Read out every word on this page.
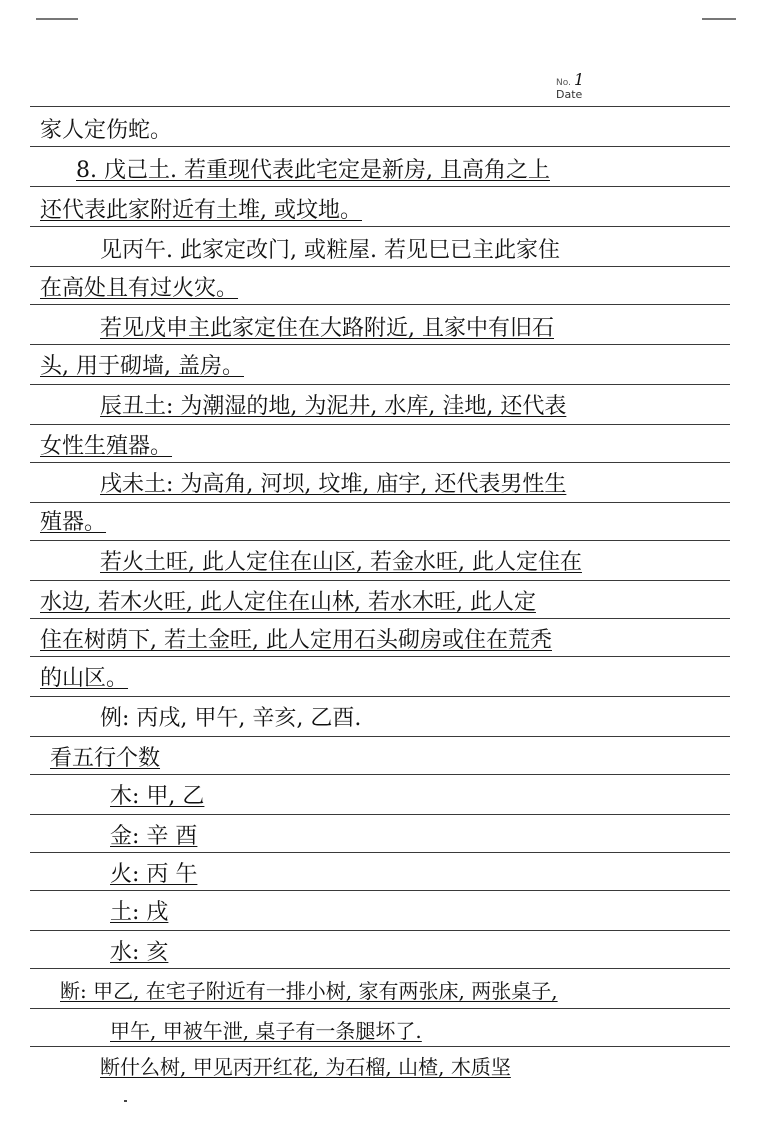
No. 1
Date
家人定伤蛇。
8. 戊己土. 若重现代表此宅定是新房, 且高角之上
还代表此家附近有土堆, 或坟地。
见丙午. 此家定改门, 或粧屋. 若见巳已主此家住
在高处且有过火灾。
若见戊申主此家定住在大路附近, 且家中有旧石
头, 用于砌墙, 盖房。
辰丑土: 为潮湿的地, 为泥井, 水库, 洼地, 还代表
女性生殖器。
戌未土: 为高角, 河坝, 坟堆, 庙宇, 还代表男性生
殖器。
若火土旺, 此人定住在山区, 若金水旺, 此人定住在
水边, 若木火旺, 此人定住在山林, 若水木旺, 此人定
住在树荫下, 若土金旺, 此人定用石头砌房或住在荒秃
的山区。
例: 丙戌, 甲午, 辛亥, 乙酉.
看五行个数
木: 甲, 乙
金: 辛 酉
火: 丙 午
土: 戌
水: 亥
断: 甲乙, 在宅子附近有一排小树, 家有两张床, 两张桌子,
甲午, 甲被午泄, 桌子有一条腿坏了.
断什么树, 甲见丙开红花, 为石榴, 山楂, 木质坚
